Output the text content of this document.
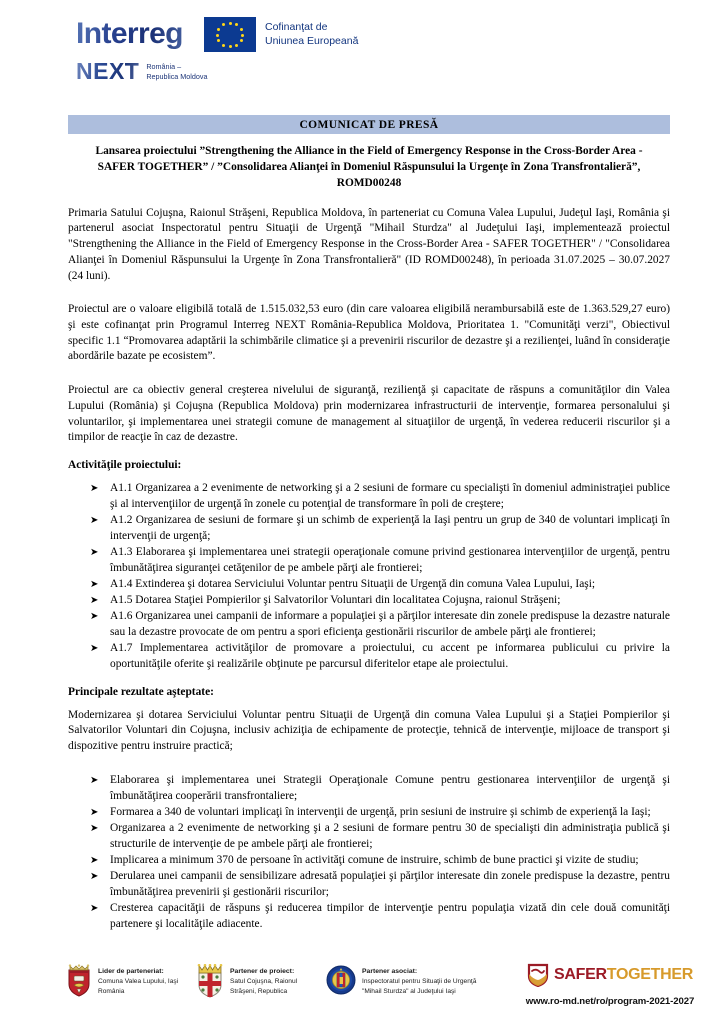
Interreg	Cofinanţat de
Uniunea Europeană
NEXT România –
Republica Moldova
COMUNICAT DE PRESĂ
Lansarea proiectului ”Strengthening the Alliance in the Field of Emergency Response in the Cross-Border Area - SAFER TOGETHER” / ”Consolidarea Alianţei în Domeniul Răspunsului la Urgenţe în Zona Transfrontalieră”, ROMD00248

Primaria Satului Cojuşna, Raionul Străşeni, Republica Moldova, în parteneriat cu Comuna Valea Lupului, Judeţul Iaşi, România şi partenerul asociat Inspectoratul pentru Situaţii de Urgenţă "Mihail Sturdza" al Judeţului Iaşi, implementează proiectul "Strengthening the Alliance in the Field of Emergency Response in the Cross-Border Area - SAFER TOGETHER" / "Consolidarea Alianţei în Domeniul Răspunsului la Urgenţe în Zona Transfrontalieră" (ID ROMD00248), în perioada 31.07.2025 – 30.07.2027 (24 luni).

Proiectul are o valoare eligibilă totală de 1.515.032,53 euro (din care valoarea eligibilă nerambursabilă este de 1.363.529,27 euro) şi este cofinanţat prin Programul Interreg NEXT România-Republica Moldova, Prioritatea 1. "Comunităţi verzi", Obiectivul specific 1.1 “Promovarea adaptării la schimbările climatice şi a prevenirii riscurilor de dezastre şi a rezilienţei, luând în consideraţie abordările bazate pe ecosistem”.

Proiectul are ca obiectiv general creşterea nivelului de siguranţă, rezilienţă şi capacitate de răspuns a comunităţilor din Valea Lupului (România) şi Cojuşna (Republica Moldova) prin modernizarea infrastructurii de intervenţie, formarea personalului şi voluntarilor, şi implementarea unei strategii comune de management al situaţiilor de urgenţă, în vederea reducerii riscurilor şi a timpilor de reacţie în caz de dezastre.

Activităţile proiectului:
➤ A1.1 Organizarea a 2 evenimente de networking şi a 2 sesiuni de formare cu specialişti în domeniul administraţiei publice şi al intervenţiilor de urgenţă în zonele cu potenţial de transformare în poli de creştere;
➤ A1.2 Organizarea de sesiuni de formare şi un schimb de experienţă la Iaşi pentru un grup de 340 de voluntari implicaţi în intervenţii de urgenţă;
➤ A1.3 Elaborarea şi implementarea unei strategii operaţionale comune privind gestionarea intervenţiilor de urgenţă, pentru îmbunătăţirea siguranţei cetăţenilor de pe ambele părţi ale frontierei;
➤ A1.4 Extinderea şi dotarea Serviciului Voluntar pentru Situaţii de Urgenţă din comuna Valea Lupului, Iaşi;
➤ A1.5 Dotarea Staţiei Pompierilor şi Salvatorilor Voluntari din localitatea Cojuşna, raionul Străşeni;
➤ A1.6 Organizarea unei campanii de informare a populaţiei şi a părţilor interesate din zonele predispuse la dezastre naturale sau la dezastre provocate de om pentru a spori eficienţa gestionării riscurilor de ambele părţi ale frontierei;
➤ A1.7 Implementarea activităţilor de promovare a proiectului, cu accent pe informarea publicului cu privire la oportunităţile oferite şi realizările obţinute pe parcursul diferitelor etape ale proiectului.
Principale rezultate aşteptate:

Modernizarea şi dotarea Serviciului Voluntar pentru Situaţii de Urgenţă din comuna Valea Lupului şi a Staţiei Pompierilor şi Salvatorilor Voluntari din Cojuşna, inclusiv achiziţia de echipamente de protecţie, tehnică de intervenţie, mijloace de transport şi dispozitive pentru instruire practică;

➤ Elaborarea şi implementarea unei Strategii Operaţionale Comune pentru gestionarea intervenţiilor de urgenţă şi îmbunătăţirea cooperării transfrontaliere;
➤ Formarea a 340 de voluntari implicaţi în intervenţii de urgenţă, prin sesiuni de instruire şi schimb de experienţă la Iaşi;
➤ Organizarea a 2 evenimente de networking şi a 2 sesiuni de formare pentru 30 de specialişti din administraţia publică şi structurile de intervenţie de pe ambele părţi ale frontierei;
➤ Implicarea a minimum 370 de persoane în activităţi comune de instruire, schimb de bune practici şi vizite de studiu;
➤ Derularea unei campanii de sensibilizare adresată populaţiei şi părţilor interesate din zonele predispuse la dezastre, pentru îmbunătăţirea prevenirii şi gestionării riscurilor;
➤ Cresterea capacităţii de răspuns şi reducerea timpilor de intervenţie pentru populaţia vizată din cele două comunităţi partenere şi localităţile adiacente.
Lider de parteneriat:
Comuna Valea Lupului, Iaşi
România
Partener de proiect:
Satul Cojuşna, Raionul
Străşeni, Republica
Partener asociat:
Inspectoratul pentru Situaţii de Urgenţă
"Mihail Sturdza" al Judeţului Iaşi
SAFERTOGETHER
www.ro-md.net/ro/program-2021-2027
